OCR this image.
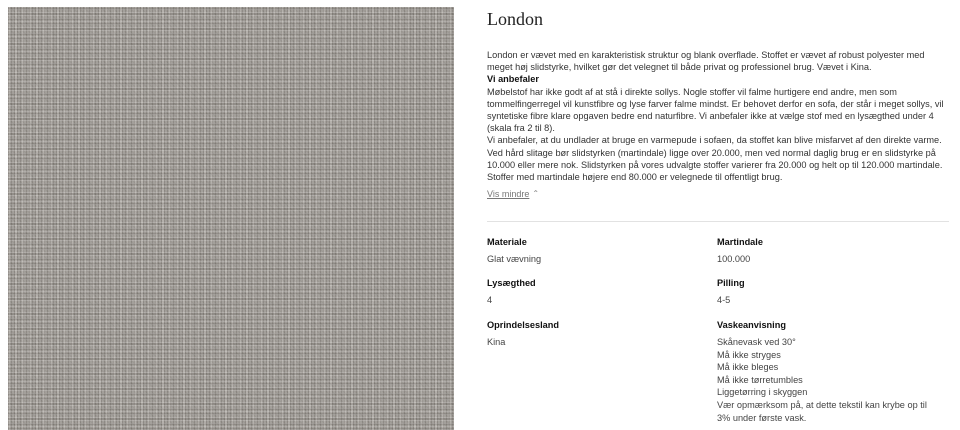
London

London er vævet med en karakteristisk struktur og blank overflade. Stoffet er vævet af robust polyester med meget høj slidstyrke, hvilket gør det velegnet til både privat og professionel brug. Vævet i Kina.

Vi anbefaler

Møbelstof har ikke godt af at stå i direkte sollys. Nogle stoffer vil falme hurtigere end andre, men som tommelfingerregel vil kunstfibre og lyse farver falme mindst. Er behovet derfor en sofa, der står i meget sollys, vil syntetiske fibre klare opgaven bedre end naturfibre. Vi anbefaler ikke at vælge stof med en lysægthed under 4 (skala fra 2 til 8).

Vi anbefaler, at du undlader at bruge en varmepude i sofaen, da stoffet kan blive misfarvet af den direkte varme.

Ved hård slitage bør slidstyrken (martindale) ligge over 20.000, men ved normal daglig brug er en slidstyrke på 10.000 eller mere nok. Slidstyrken på vores udvalgte stoffer varierer fra 20.000 og helt op til 120.000 martindale. Stoffer med martindale højere end 80.000 er velegnede til offentligt brug.

Vis mindre ⌃
Materiale
Glat vævning
Martindale
100.000
Lysægthed
4
Pilling
4-5
Oprindelsesland
Kina
Vaskeanvisning
Skånevask ved 30°
Må ikke stryges
Må ikke bleges
Må ikke tørretumbles
Liggetørring i skyggen
Vær opmærksom på, at dette tekstil kan krybe op til
3% under første vask.
